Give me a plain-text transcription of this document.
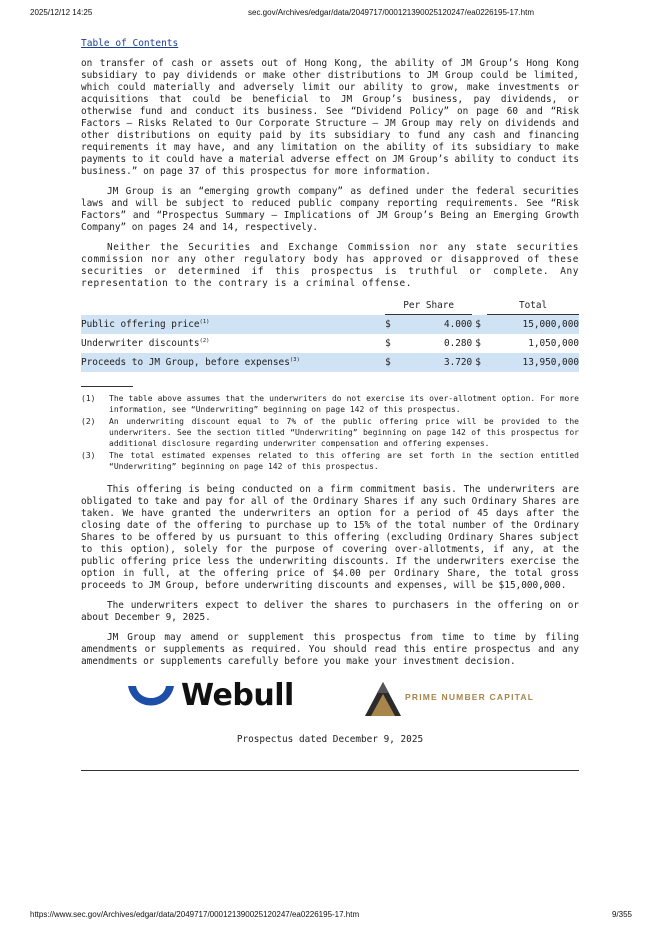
2025/12/12 14:25	sec.gov/Archives/edgar/data/2049717/000121390025120247/ea0226195-17.htm
Table of Contents

on transfer of cash or assets out of Hong Kong, the ability of JM Group’s Hong Kong subsidiary to pay dividends or make other distributions to JM Group could be limited, which could materially and adversely limit our ability to grow, make investments or acquisitions that could be beneficial to JM Group’s business, pay dividends, or otherwise fund and conduct its business. See “Dividend Policy” on page 60 and “Risk Factors — Risks Related to Our Corporate Structure — JM Group may rely on dividends and other distributions on equity paid by its subsidiary to fund any cash and financing requirements it may have, and any limitation on the ability of its subsidiary to make payments to it could have a material adverse effect on JM Group’s ability to conduct its business.” on page 37 of this prospectus for more information.

JM Group is an “emerging growth company” as defined under the federal securities laws and will be subject to reduced public company reporting requirements. See “Risk Factors” and “Prospectus Summary — Implications of JM Group’s Being an Emerging Growth Company” on pages 24 and 14, respectively.

Neither the Securities and Exchange Commission nor any state securities commission nor any other regulatory body has approved or disapproved of these securities or determined if this prospectus is truthful or complete. Any representation to the contrary is a criminal offense.

	Per Share			Total
Public offering price$^{(1)}$	$	4.000	$	15,000,000
Underwriter discounts$^{(2)}$	$	0.280	$	1,050,000
Proceeds to JM Group, before expenses$^{(3)}$	$	3.720	$	13,950,000
(1)	The table above assumes that the underwriters do not exercise its over-allotment option. For more information, see “Underwriting” beginning on page 142 of this prospectus.
(2)	An underwriting discount equal to 7% of the public offering price will be provided to the underwriters. See the section titled “Underwriting” beginning on page 142 of this prospectus for additional disclosure regarding underwriter compensation and offering expenses.
(3)	The total estimated expenses related to this offering are set forth in the section entitled “Underwriting” beginning on page 142 of this prospectus.

This offering is being conducted on a firm commitment basis. The underwriters are obligated to take and pay for all of the Ordinary Shares if any such Ordinary Shares are taken. We have granted the underwriters an option for a period of 45 days after the closing date of the offering to purchase up to 15% of the total number of the Ordinary Shares to be offered by us pursuant to this offering (excluding Ordinary Shares subject to this option), solely for the purpose of covering over-allotments, if any, at the public offering price less the underwriting discounts. If the underwriters exercise the option in full, at the offering price of $4.00 per Ordinary Share, the total gross proceeds to JM Group, before underwriting discounts and expenses, will be $15,000,000.

The underwriters expect to deliver the shares to purchasers in the offering on or about December 9, 2025.

JM Group may amend or supplement this prospectus from time to time by filing amendments or supplements as required. You should read this entire prospectus and any amendments or supplements carefully before you make your investment decision.

Webull	PRIME NUMBER CAPITAL
Prospectus dated December 9, 2025
https://www.sec.gov/Archives/edgar/data/2049717/000121390025120247/ea0226195-17.htm	9/355
